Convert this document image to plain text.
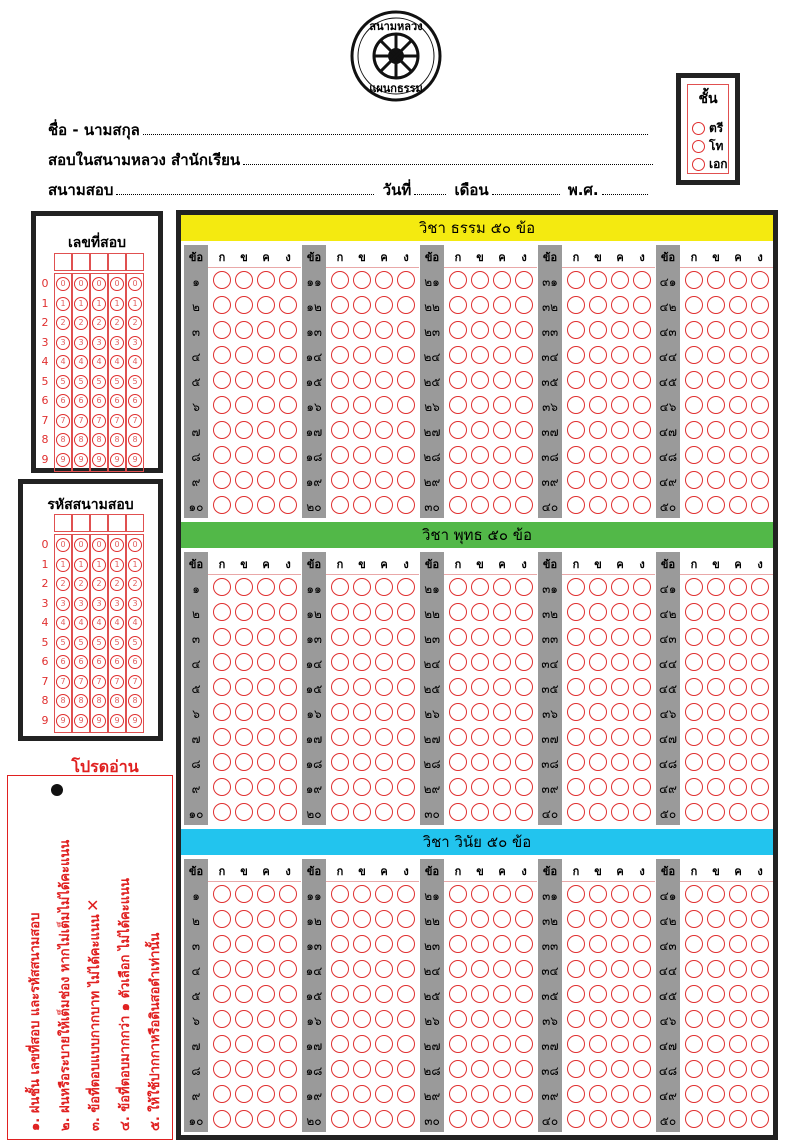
สนามหลวง
แผนกธรรม
ชื่อ - นามสกุล
สอบในสนามหลวง สำนักเรียน
สนามสอบ	วันที่	เดือน	พ.ศ.
ชั้น
ตรี
โท
เอก
เลขที่สอบ
0	0	0	0	0	0
1	1	1	1	1	1
2	2	2	2	2	2
3	3	3	3	3	3
4	4	4	4	4	4
5	5	5	5	5	5
6	6	6	6	6	6
7	7	7	7	7	7
8	8	8	8	8	8
9	9	9	9	9	9
รหัสสนามสอบ
0	0	0	0	0	0
1	1	1	1	1	1
2	2	2	2	2	2
3	3	3	3	3	3
4	4	4	4	4	4
5	5	5	5	5	5
6	6	6	6	6	6
7	7	7	7	7	7
8	8	8	8	8	8
9	9	9	9	9	9
โปรดอ่าน
๑. ฝนชั้น เลขที่สอบ และรหัสสนามสอบ	๒. ฝนหรือระบายให้เต็มช่อง หากไม่เต็มไม่ได้คะแนน	๓. ข้อที่ตอบแบบกากบาท ไม่ได้คะแนน	๔. ข้อที่ตอบมากกว่า ๑ ตัวเลือก ไม่ได้คะแนน	๕. ให้ใช้ปากกาหรือดินสอดำเท่านั้น
✕
วิชา ธรรม ๕๐ ข้อ
ข้อ	ก	ข	ค	ง
๑
๒
๓
๔
๕
๖
๗
๘
๙
๑๐
ข้อ	ก	ข	ค	ง
๑๑
๑๒
๑๓
๑๔
๑๕
๑๖
๑๗
๑๘
๑๙
๒๐
ข้อ	ก	ข	ค	ง
๒๑
๒๒
๒๓
๒๔
๒๕
๒๖
๒๗
๒๘
๒๙
๓๐
ข้อ	ก	ข	ค	ง
๓๑
๓๒
๓๓
๓๔
๓๕
๓๖
๓๗
๓๘
๓๙
๔๐
ข้อ	ก	ข	ค	ง
๔๑
๔๒
๔๓
๔๔
๔๕
๔๖
๔๗
๔๘
๔๙
๕๐
วิชา พุทธ ๕๐ ข้อ
ข้อ	ก	ข	ค	ง
๑
๒
๓
๔
๕
๖
๗
๘
๙
๑๐
ข้อ	ก	ข	ค	ง
๑๑
๑๒
๑๓
๑๔
๑๕
๑๖
๑๗
๑๘
๑๙
๒๐
ข้อ	ก	ข	ค	ง
๒๑
๒๒
๒๓
๒๔
๒๕
๒๖
๒๗
๒๘
๒๙
๓๐
ข้อ	ก	ข	ค	ง
๓๑
๓๒
๓๓
๓๔
๓๕
๓๖
๓๗
๓๘
๓๙
๔๐
ข้อ	ก	ข	ค	ง
๔๑
๔๒
๔๓
๔๔
๔๕
๔๖
๔๗
๔๘
๔๙
๕๐
วิชา วินัย ๕๐ ข้อ
ข้อ	ก	ข	ค	ง
๑
๒
๓
๔
๕
๖
๗
๘
๙
๑๐
ข้อ	ก	ข	ค	ง
๑๑
๑๒
๑๓
๑๔
๑๕
๑๖
๑๗
๑๘
๑๙
๒๐
ข้อ	ก	ข	ค	ง
๒๑
๒๒
๒๓
๒๔
๒๕
๒๖
๒๗
๒๘
๒๙
๓๐
ข้อ	ก	ข	ค	ง
๓๑
๓๒
๓๓
๓๔
๓๕
๓๖
๓๗
๓๘
๓๙
๔๐
ข้อ	ก	ข	ค	ง
๔๑
๔๒
๔๓
๔๔
๔๕
๔๖
๔๗
๔๘
๔๙
๕๐
